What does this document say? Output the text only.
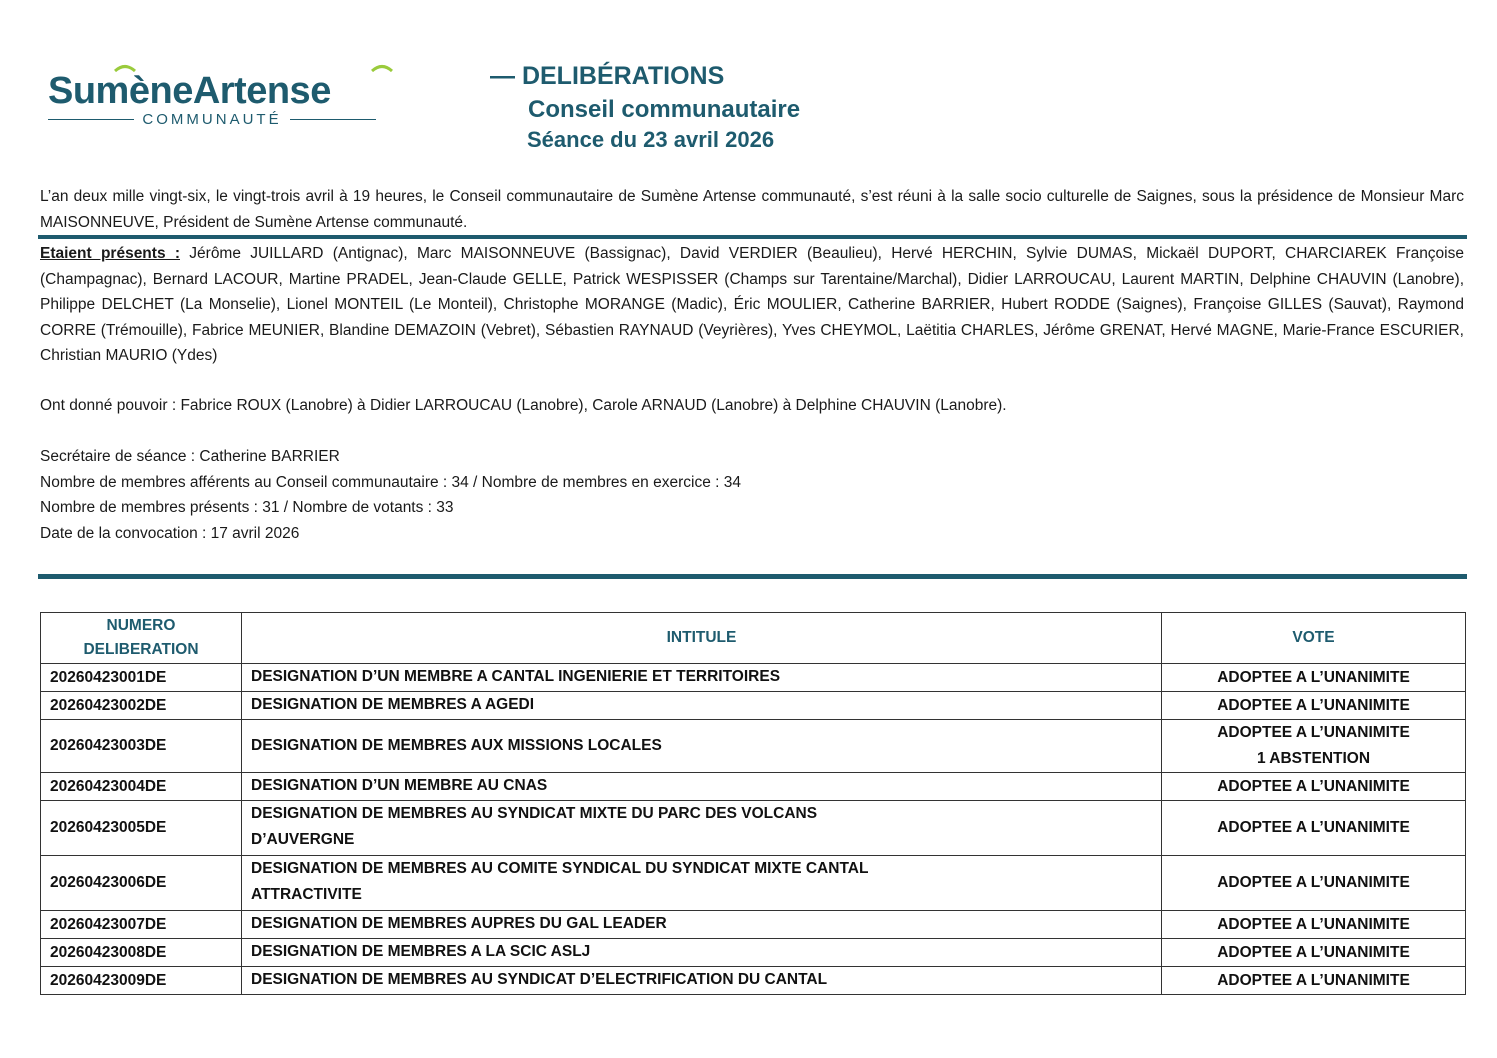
SumèneArtense
COMMUNAUTÉ
— DELIBÉRATIONS
Conseil communautaire
Séance du 23 avril 2026
L’an deux mille vingt-six, le vingt-trois avril à 19 heures, le Conseil communautaire de Sumène Artense communauté, s’est réuni à la salle socio culturelle de Saignes, sous la présidence de Monsieur Marc MAISONNEUVE, Président de Sumène Artense communauté.
Etaient présents : Jérôme JUILLARD (Antignac), Marc MAISONNEUVE (Bassignac), David VERDIER (Beaulieu), Hervé HERCHIN, Sylvie DUMAS, Mickaël DUPORT, CHARCIAREK Françoise (Champagnac), Bernard LACOUR, Martine PRADEL, Jean-Claude GELLE, Patrick WESPISSER (Champs sur Tarentaine/Marchal), Didier LARROUCAU, Laurent MARTIN, Delphine CHAUVIN (Lanobre), Philippe DELCHET (La Monselie), Lionel MONTEIL (Le Monteil), Christophe MORANGE (Madic), Éric MOULIER, Catherine BARRIER, Hubert RODDE (Saignes), Françoise GILLES (Sauvat), Raymond CORRE (Trémouille), Fabrice MEUNIER, Blandine DEMAZOIN (Vebret), Sébastien RAYNAUD (Veyrières), Yves CHEYMOL, Laëtitia CHARLES, Jérôme GRENAT, Hervé MAGNE, Marie-France ESCURIER, Christian MAURIO (Ydes)
Ont donné pouvoir : Fabrice ROUX (Lanobre) à Didier LARROUCAU (Lanobre), Carole ARNAUD (Lanobre) à Delphine CHAUVIN (Lanobre).
Secrétaire de séance : Catherine BARRIER
Nombre de membres afférents au Conseil communautaire : 34 / Nombre de membres en exercice : 34
Nombre de membres présents : 31 / Nombre de votants : 33
Date de la convocation : 17 avril 2026
NUMERO
DELIBERATION	INTITULE	VOTE
20260423001DE	DESIGNATION D’UN MEMBRE A CANTAL INGENIERIE ET TERRITOIRES	ADOPTEE A L’UNANIMITE
20260423002DE	DESIGNATION DE MEMBRES A AGEDI	ADOPTEE A L’UNANIMITE
20260423003DE	DESIGNATION DE MEMBRES AUX MISSIONS LOCALES	ADOPTEE A L’UNANIMITE
1 ABSTENTION
20260423004DE	DESIGNATION D’UN MEMBRE AU CNAS	ADOPTEE A L’UNANIMITE
20260423005DE	DESIGNATION DE MEMBRES AU SYNDICAT MIXTE DU PARC DES VOLCANS
D’AUVERGNE	ADOPTEE A L’UNANIMITE
20260423006DE	DESIGNATION DE MEMBRES AU COMITE SYNDICAL DU SYNDICAT MIXTE CANTAL
ATTRACTIVITE	ADOPTEE A L’UNANIMITE
20260423007DE	DESIGNATION DE MEMBRES AUPRES DU GAL LEADER	ADOPTEE A L’UNANIMITE
20260423008DE	DESIGNATION DE MEMBRES A LA SCIC ASLJ	ADOPTEE A L’UNANIMITE
20260423009DE	DESIGNATION DE MEMBRES AU SYNDICAT D’ELECTRIFICATION DU CANTAL	ADOPTEE A L’UNANIMITE
